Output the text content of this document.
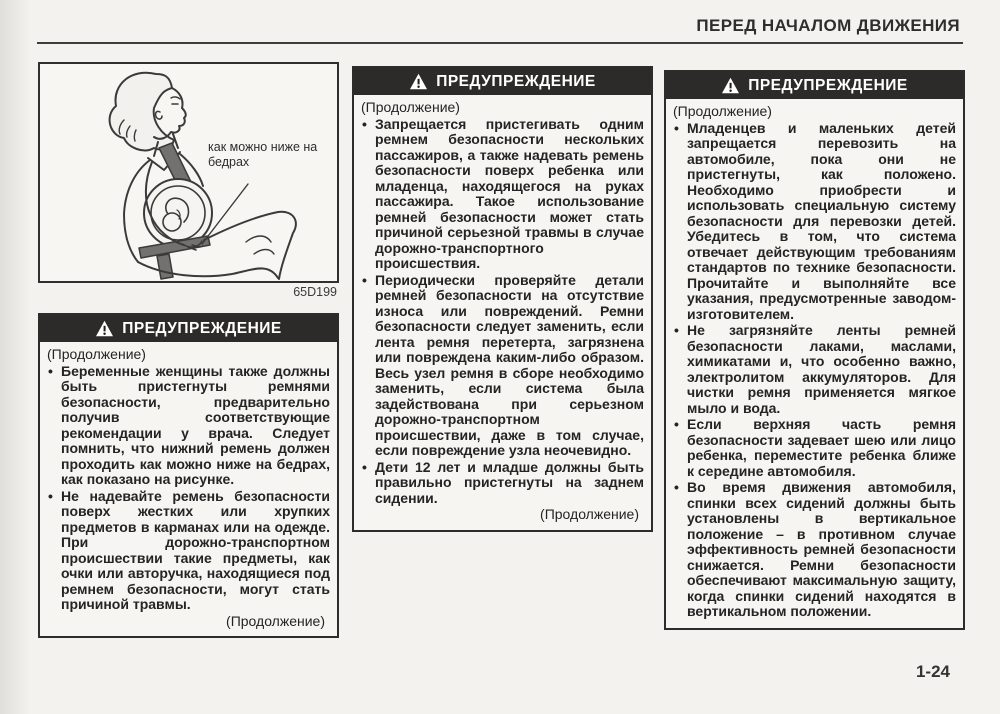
ПЕРЕД НАЧАЛОМ ДВИЖЕНИЯ
как можно ниже на бедрах
65D199
ПРЕДУПРЕЖДЕНИЕ
(Продолжение)
• Беременные женщины также должны быть пристегнуты ремнями безопасности, предварительно получив соответствующие рекомендации у врача. Следует помнить, что нижний ремень должен проходить как можно ниже на бедрах, как показано на рисунке.
• Не надевайте ремень безопасности поверх жестких или хрупких предметов в карманах или на одежде. При дорожно-транспортном происшествии такие предметы, как очки или авторучка, находящиеся под ремнем безопасности, могут стать причиной травмы.
(Продолжение)
ПРЕДУПРЕЖДЕНИЕ
(Продолжение)
• Запрещается пристегивать одним ремнем безопасности нескольких пассажиров, а также надевать ремень безопасности поверх ребенка или младенца, находящегося на руках пассажира. Такое использование ремней безопасности может стать причиной серьезной травмы в случае дорожно-транспортного происшествия.
• Периодически проверяйте детали ремней безопасности на отсутствие износа или повреждений. Ремни безопасности следует заменить, если лента ремня перетерта, загрязнена или повреждена каким-либо образом. Весь узел ремня в сборе необходимо заменить, если система была задействована при серьезном дорожно-транспортном происшествии, даже в том случае, если повреждение узла неочевидно.
• Дети 12 лет и младше должны быть правильно пристегнуты на заднем сидении.
(Продолжение)
ПРЕДУПРЕЖДЕНИЕ
(Продолжение)
• Младенцев и маленьких детей запрещается перевозить на автомобиле, пока они не пристегнуты, как положено. Необходимо приобрести и использовать специальную систему безопасности для перевозки детей. Убедитесь в том, что система отвечает действующим требованиям стандартов по технике безопасности. Прочитайте и выполняйте все указания, предусмотренные заводом-изготовителем.
• Не загрязняйте ленты ремней безопасности лаками, маслами, химикатами и, что особенно важно, электролитом аккумуляторов. Для чистки ремня применяется мягкое мыло и вода.
• Если верхняя часть ремня безопасности задевает шею или лицо ребенка, переместите ребенка ближе к середине автомобиля.
• Во время движения автомобиля, спинки всех сидений должны быть установлены в вертикальное положение – в противном случае эффективность ремней безопасности снижается. Ремни безопасности обеспечивают максимальную защиту, когда спинки сидений находятся в вертикальном положении.
1-24
